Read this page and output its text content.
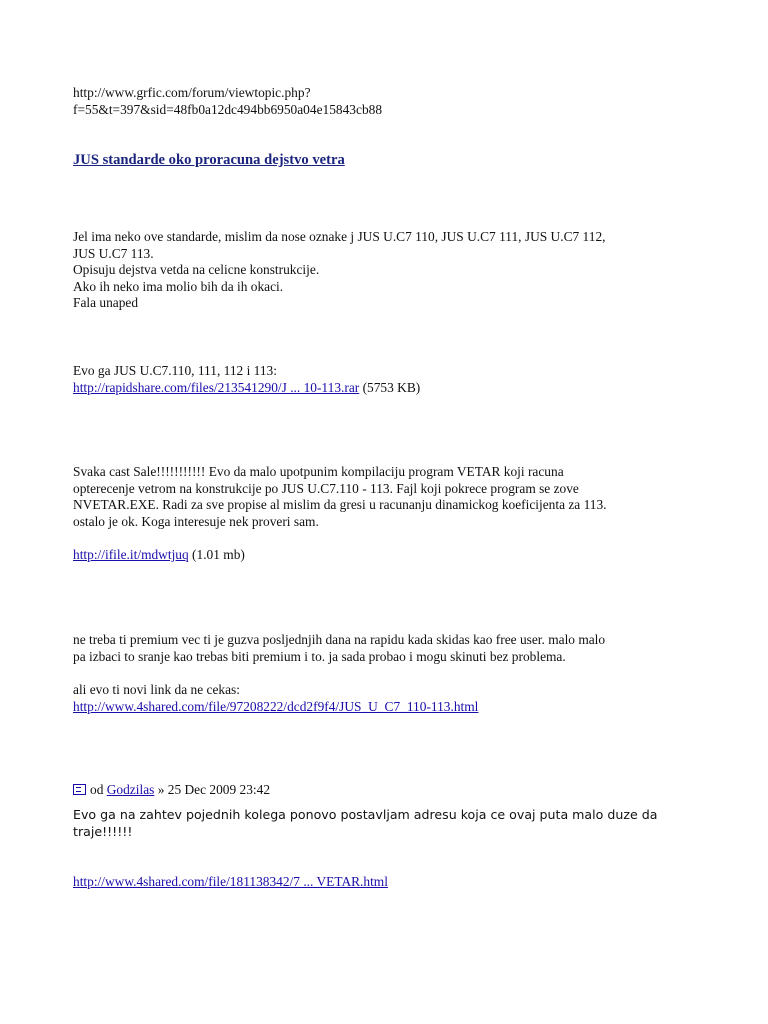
http://www.grfic.com/forum/viewtopic.php?
f=55&t=397&sid=48fb0a12dc494bb6950a04e15843cb88
JUS standarde oko proracuna dejstvo vetra
Jel ima neko ove standarde, mislim da nose oznake j JUS U.C7 110, JUS U.C7 111, JUS U.C7 112,
JUS U.C7 113.
Opisuju dejstva vetda na celicne konstrukcije.
Ako ih neko ima molio bih da ih okaci.
Fala unaped
Evo ga JUS U.C7.110, 111, 112 i 113:
http://rapidshare.com/files/213541290/J ... 10-113.rar (5753 KB)
Svaka cast Sale!!!!!!!!!!! Evo da malo upotpunim kompilaciju program VETAR koji racuna
opterecenje vetrom na konstrukcije po JUS U.C7.110 - 113. Fajl koji pokrece program se zove
NVETAR.EXE. Radi za sve propise al mislim da gresi u racunanju dinamickog koeficijenta za 113.
ostalo je ok. Koga interesuje nek proveri sam.
http://ifile.it/mdwtjuq (1.01 mb)
ne treba ti premium vec ti je guzva posljednjih dana na rapidu kada skidas kao free user. malo malo
pa izbaci to sranje kao trebas biti premium i to. ja sada probao i mogu skinuti bez problema.
ali evo ti novi link da ne cekas:
http://www.4shared.com/file/97208222/dcd2f9f4/JUS_U_C7_110-113.html
od Godzilas » 25 Dec 2009 23:42
Evo ga na zahtev pojednih kolega ponovo postavljam adresu koja ce ovaj puta malo duze da
traje!!!!!!
http://www.4shared.com/file/181138342/7 ... VETAR.html
